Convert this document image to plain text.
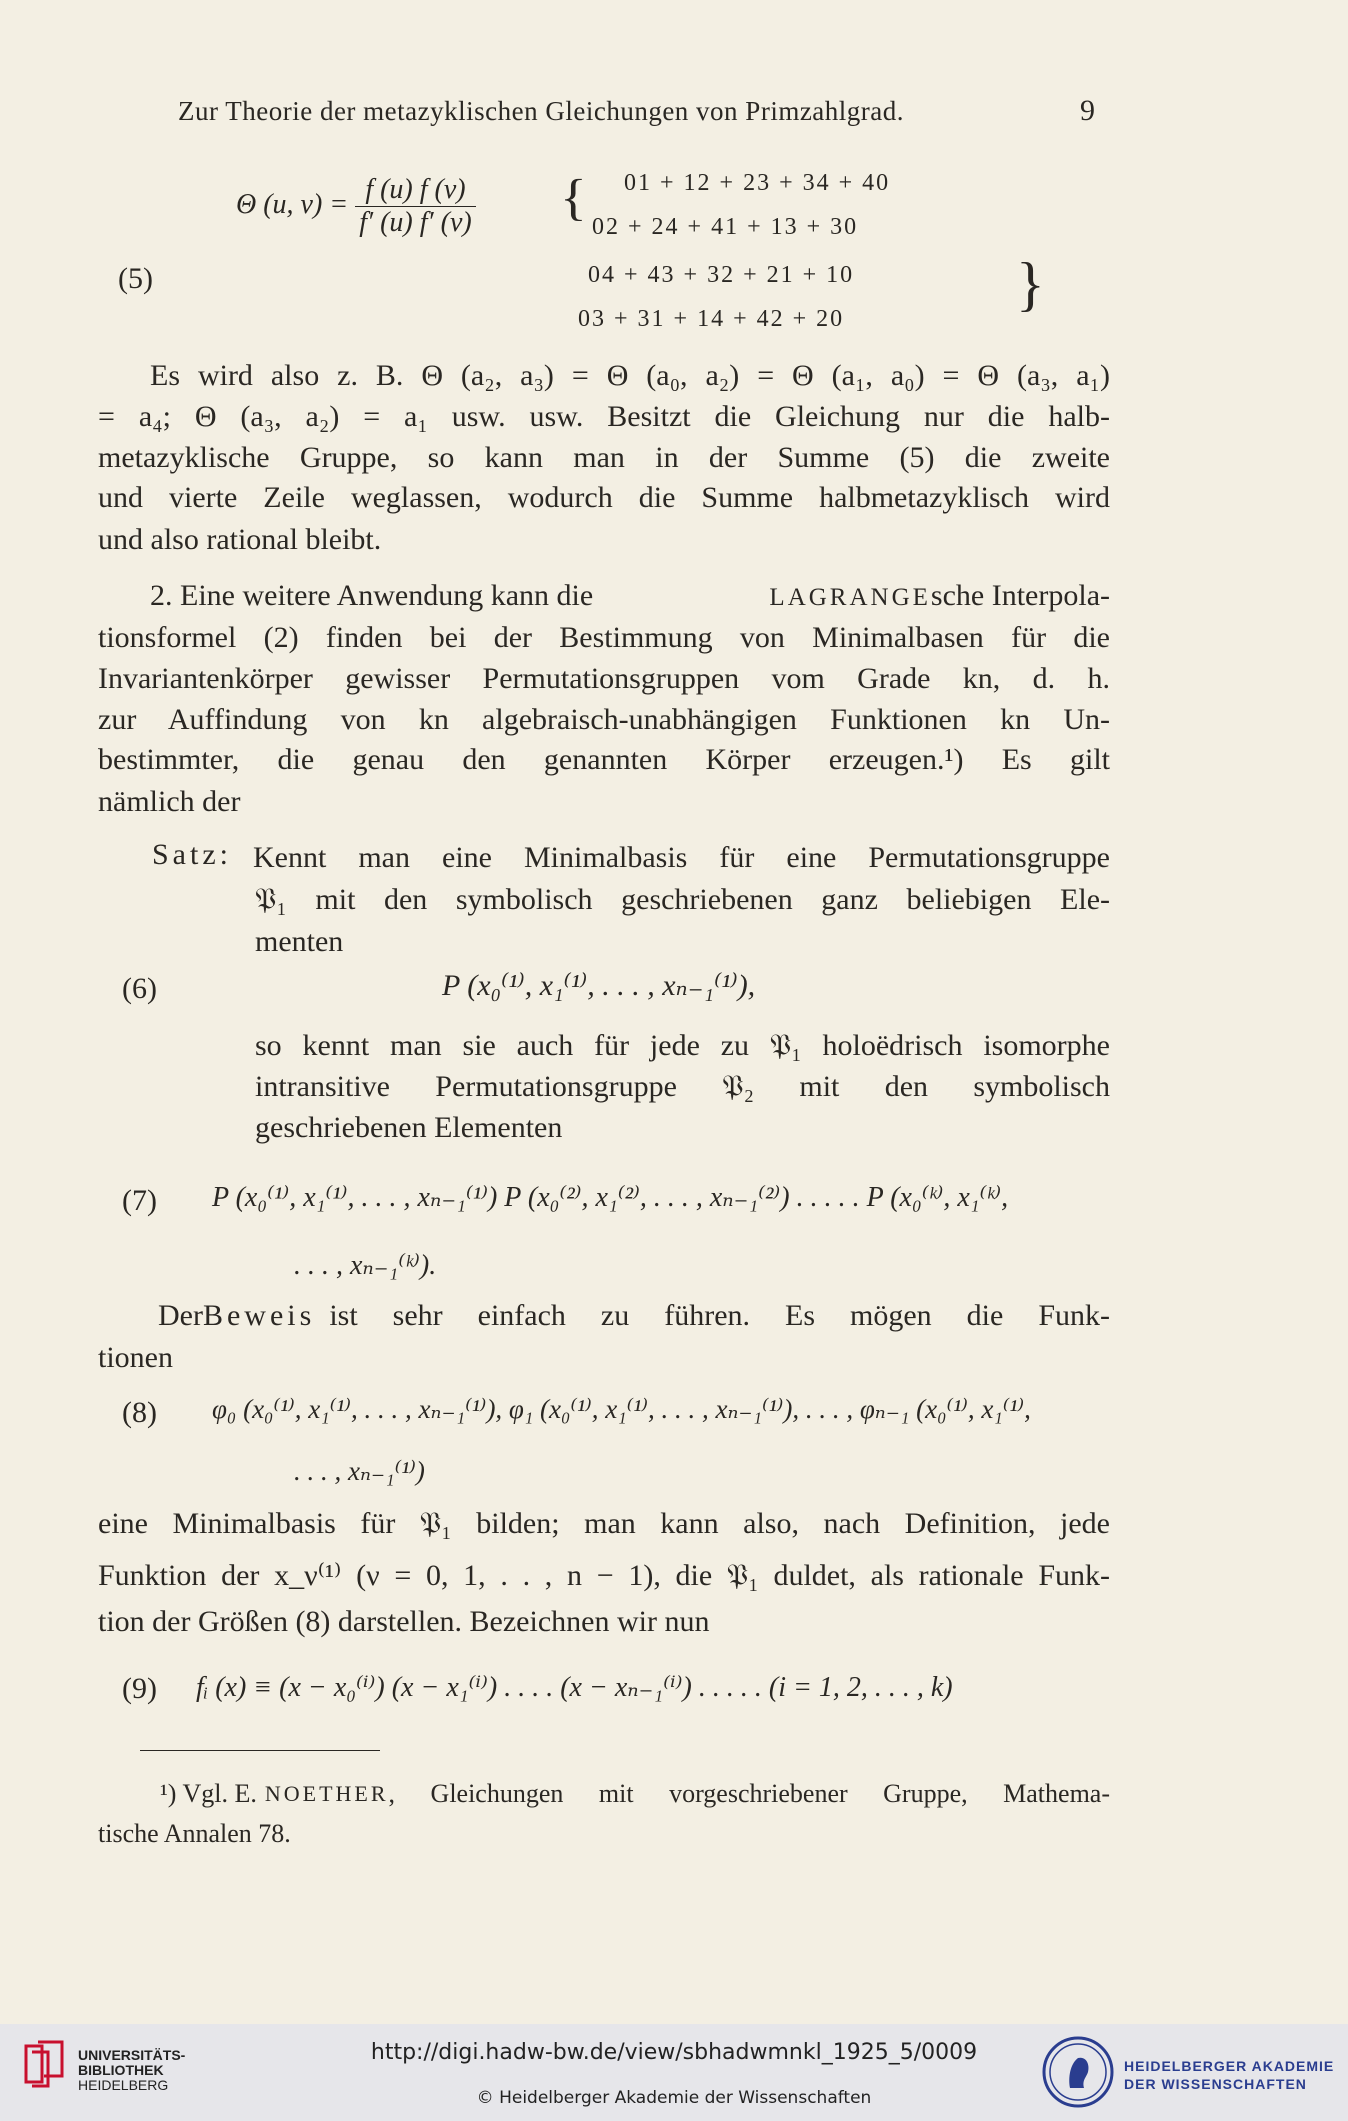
Zur Theorie der metazyklischen Gleichungen von Primzahlgrad.	9
(5)
Θ (u, $v) = \frac{f (u) f (v)}{f' (u) f' (v)}$ {
}
01 + 12 + 23 + 34 + 40
02 + 24 + 41 + 13 + 30
04 + 43 + 32 + 21 + 10
03 + 31 + 14 + 42 + 20
Es wird also z. B. Θ (a₂, a₃) = Θ (a₀, a₂) = Θ (a₁, a₀) = Θ (a₃, a₁)
= a₄; Θ (a₃, a₂) = a₁ usw. usw. Besitzt die Gleichung nur die halb-
metazyklische Gruppe, so kann man in der Summe (5) die zweite
und vierte Zeile weglassen, wodurch die Summe halbmetazyklisch wird
und also rational bleibt.
2. Eine weitere Anwendung kann die	LAGRANGEsche Interpola-
tionsformel (2) finden bei der Bestimmung von Minimalbasen für die
Invariantenkörper gewisser Permutationsgruppen vom Grade kn, d. h.
zur Auffindung von kn algebraisch-unabhängigen Funktionen kn Un-
bestimmter, die genau den genannten Körper erzeugen.¹) Es gilt
nämlich der
Satz: Kennt man eine Minimalbasis für eine Permutationsgruppe
𝔓₁ mit den symbolisch geschriebenen ganz beliebigen Ele-
menten
(6)	P (x₀⁽¹⁾, x₁⁽¹⁾, . . . , xₙ₋₁⁽¹⁾),
so kennt man sie auch für jede zu 𝔓₁ holoëdrisch isomorphe
intransitive Permutationsgruppe 𝔓₂ mit den symbolisch
geschriebenen Elementen
(7) P (x₀⁽¹⁾, x₁⁽¹⁾, . . . , xₙ₋₁⁽¹⁾) P (x₀⁽²⁾, x₁⁽²⁾, . . . , xₙ₋₁⁽²⁾) . . . . . P (x₀⁽ᵏ⁾, x₁⁽ᵏ⁾,
. . . , xₙ₋₁⁽ᵏ⁾).
Der Beweis ist sehr einfach zu führen. Es mögen die Funk-
tionen
(8) φ₀ (x₀⁽¹⁾, x₁⁽¹⁾, . . . , xₙ₋₁⁽¹⁾), φ₁ (x₀⁽¹⁾, x₁⁽¹⁾, . . . , xₙ₋₁⁽¹⁾), . . . , φₙ₋₁ (x₀⁽¹⁾, x₁⁽¹⁾,
. . . , xₙ₋₁⁽¹⁾)
eine Minimalbasis für 𝔓₁ bilden; man kann also, nach Definition, jede
Funktion der x_ν⁽¹⁾ (ν = 0, 1, . . , n − 1), die 𝔓₁ duldet, als rationale Funk-
tion der Größen (8) darstellen. Bezeichnen wir nun
(9) fᵢ (x) ≡ (x − x₀⁽ⁱ⁾) (x − x₁⁽ⁱ⁾) . . . . (x − xₙ₋₁⁽ⁱ⁾) . . . . . (i = 1, 2, . . . , k)
¹) Vgl. E. NOETHER , Gleichungen mit vorgeschriebener Gruppe, Mathema-
tische Annalen 78.
UNIVERSITÄTS-
BIBLIOTHEK
HEIDELBERG
http://digi.hadw-bw.de/view/sbhadwmnkl_1925_5/0009
© Heidelberger Akademie der Wissenschaften
HEIDELBERGER AKADEMIE
DER WISSENSCHAFTEN
